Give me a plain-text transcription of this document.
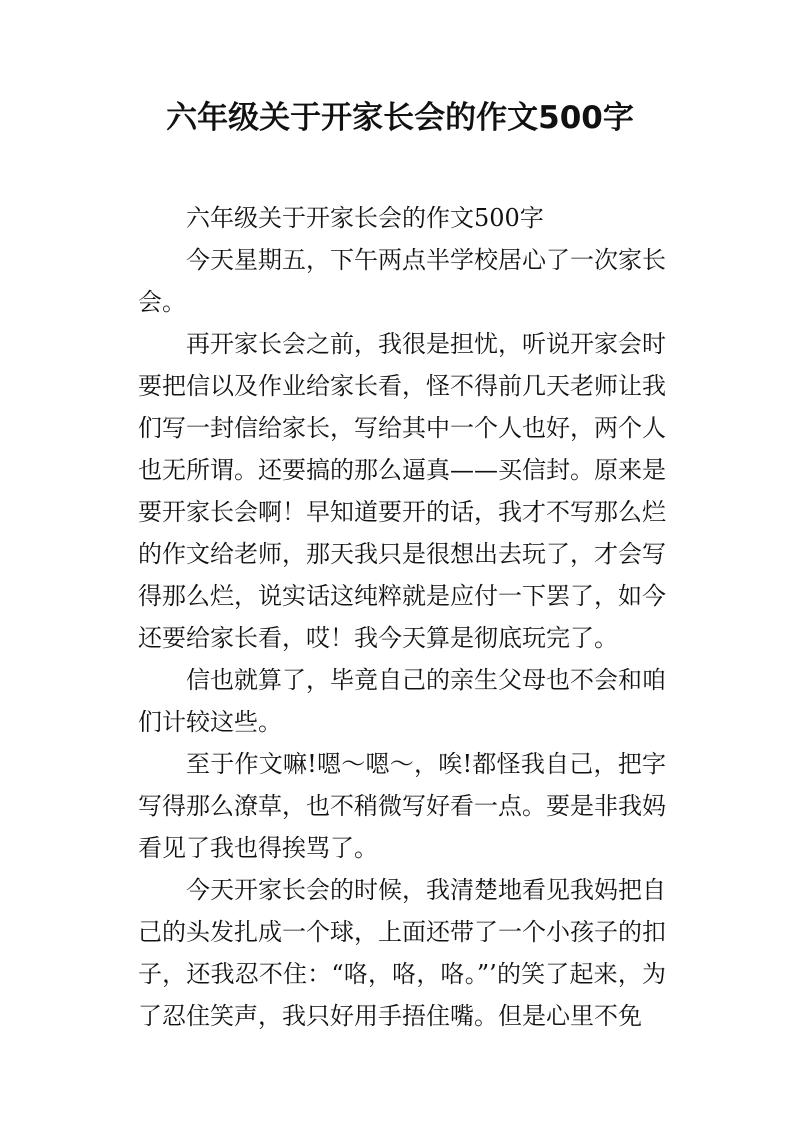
六年级关于开家长会的作文500字

六年级关于开家长会的作文500字

今天星期五，下午两点半学校居心了一次家长会。

再开家长会之前，我很是担忧，听说开家会时要把信以及作业给家长看，怪不得前几天老师让我们写一封信给家长，写给其中一个人也好，两个人也无所谓。还要搞的那么逼真——买信封。原来是要开家长会啊！早知道要开的话，我才不写那么烂的作文给老师，那天我只是很想出去玩了，才会写得那么烂，说实话这纯粹就是应付一下罢了，如今还要给家长看，哎！我今天算是彻底玩完了。

信也就算了，毕竟自己的亲生父母也不会和咱们计较这些。

至于作文嘛!嗯～嗯～，唉!都怪我自己，把字写得那么潦草，也不稍微写好看一点。要是非我妈看见了我也得挨骂了。

今天开家长会的时候，我清楚地看见我妈把自己的头发扎成一个球，上面还带了一个小孩子的扣子，还我忍不住：“咯，咯，咯。”’的笑了起来，为了忍住笑声，我只好用手捂住嘴。但是心里不免
